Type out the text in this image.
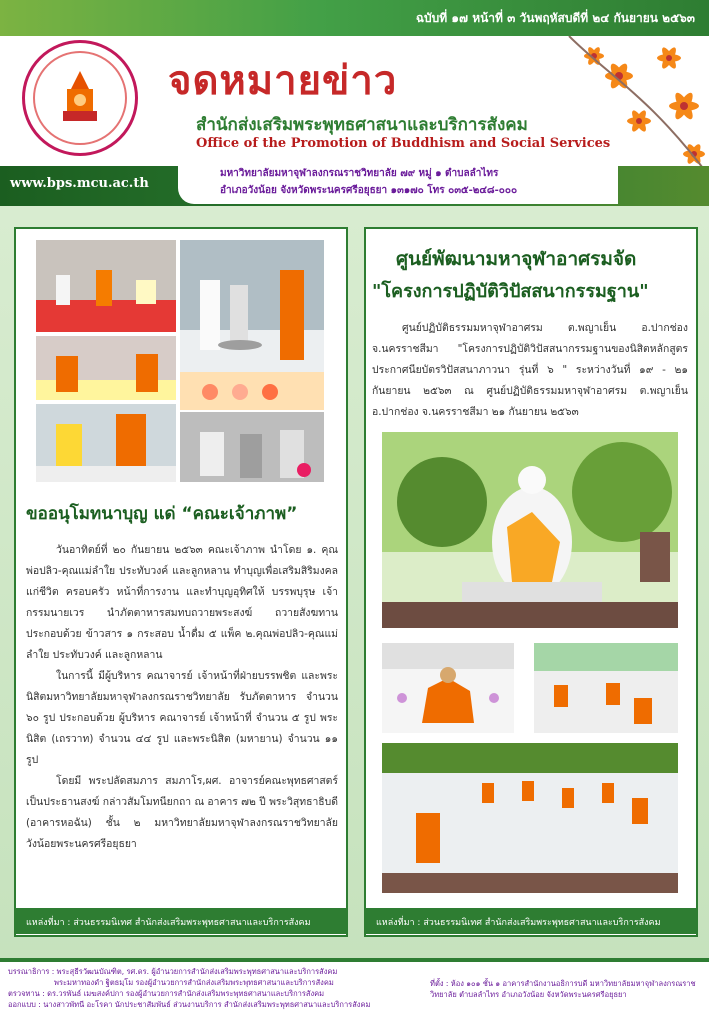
ฉบับที่ ๑๗ หน้าที่ ๓ วันพฤหัสบดีที่ ๒๔ กันยายน ๒๕๖๓
จดหมายข่าว
สำนักส่งเสริมพระพุทธศาสนาและบริการสังคม
Office of the Promotion of Buddhism and Social Services
www.bps.mcu.ac.th
มหาวิทยาลัยมหาจุฬาลงกรณราชวิทยาลัย ๗๙ หมู่ ๑ ตำบลลำไทร
อำเภอวังน้อย จังหวัดพระนครศรีอยุธยา ๑๓๑๗๐ โทร ๐๓๕-๒๔๘-๐๐๐
ขออนุโมทนาบุญ แด่ “คณะเจ้าภาพ”

วันอาทิตย์ที่ ๒๐ กันยายน ๒๕๖๓ คณะเจ้าภาพ นำโดย ๑. คุณพ่อปลิว-คุณแม่ลำใย ประทับวงค์ และลูกหลาน ทำบุญเพื่อเสริมสิริมงคลแก่ชีวิต ครอบครัว หน้าที่การงาน และทำบุญอุทิศให้ บรรพบุรุษ เจ้ากรรมนายเวร นำภัตตาหารสมทบถวายพระสงฆ์ ถวายสังฆทาน ประกอบด้วย ข้าวสาร ๑ กระสอบ น้ำดื่ม ๕ แพ็ค ๒.คุณพ่อปลิว-คุณแม่ลำใย ประทับวงค์ และลูกหลาน

ในการนี้ มีผู้บริหาร คณาจารย์ เจ้าหน้าที่ฝ่ายบรรพชิต และพระนิสิตมหาวิทยาลัยมหาจุฬาลงกรณราชวิทยาลัย รับภัตตาหาร จำนวน ๖๐ รูป ประกอบด้วย ผู้บริหาร คณาจารย์ เจ้าหน้าที่ จำนวน ๕ รูป พระนิสิต (เถรวาท) จำนวน ๔๔ รูป และพระนิสิต (มหายาน) จำนวน ๑๑ รูป

โดยมี พระปลัดสมภาร สมภาโร,ผศ. อาจารย์คณะพุทธศาสตร์ เป็นประธานสงฆ์ กล่าวสัมโมทนียกถา ณ อาคาร ๗๒ ปี พระวิสุทธาธิบดี (อาคารหอฉัน) ชั้น ๒ มหาวิทยาลัยมหาจุฬาลงกรณราชวิทยาลัย วังน้อยพระนครศรีอยุธยา

แหล่งที่มา : ส่วนธรรมนิเทศ สำนักส่งเสริมพระพุทธศาสนาและบริการสังคม
ศูนย์พัฒนามหาจุฬาอาศรมจัด
"โครงการปฏิบัติวิปัสสนากรรมฐาน"

ศูนย์ปฏิบัติธรรมมหาจุฬาอาศรม ต.พญาเย็น อ.ปากช่อง จ.นครราชสีมา "โครงการปฏิบัติวิปัสสนากรรมฐานของนิสิตหลักสูตรประกาศนียบัตรวิปัสสนาภาวนา รุ่นที่ ๖ " ระหว่างวันที่ ๑๙ - ๒๑ กันยายน ๒๕๖๓ ณ ศูนย์ปฏิบัติธรรมมหาจุฬาอาศรม ต.พญาเย็น อ.ปากช่อง จ.นครราชสีมา ๒๑ กันยายน ๒๕๖๓

แหล่งที่มา : ส่วนธรรมนิเทศ สำนักส่งเสริมพระพุทธศาสนาและบริการสังคม
บรรณาธิการ : พระสุธีรวัฒนบัณฑิต, รศ.ดร. ผู้อำนวยการสำนักส่งเสริมพระพุทธศาสนาและบริการสังคม
พระมหาทองดำ ฐิตธมฺโม รองผู้อำนวยการสำนักส่งเสริมพระพุทธศาสนาและบริการสังคม
ตรวจทาน : ดร.วรพันธ์ เมฆสงค์ปกา รองผู้อำนวยการสำนักส่งเสริมพระพุทธศาสนาและบริการสังคม
ออกแบบ : นางสาวพัทนี อะโรคา นักประชาสัมพันธ์ ส่วนงานบริการ สำนักส่งเสริมพระพุทธศาสนาและบริการสังคม
ที่ตั้ง : ห้อง ๑๐๑ ชั้น ๑ อาคารสำนักงานอธิการบดี มหาวิทยาลัยมหาจุฬาลงกรณราชวิทยาลัย ตำบลลำไทร อำเภอวังน้อย จังหวัดพระนครศรีอยุธยา
